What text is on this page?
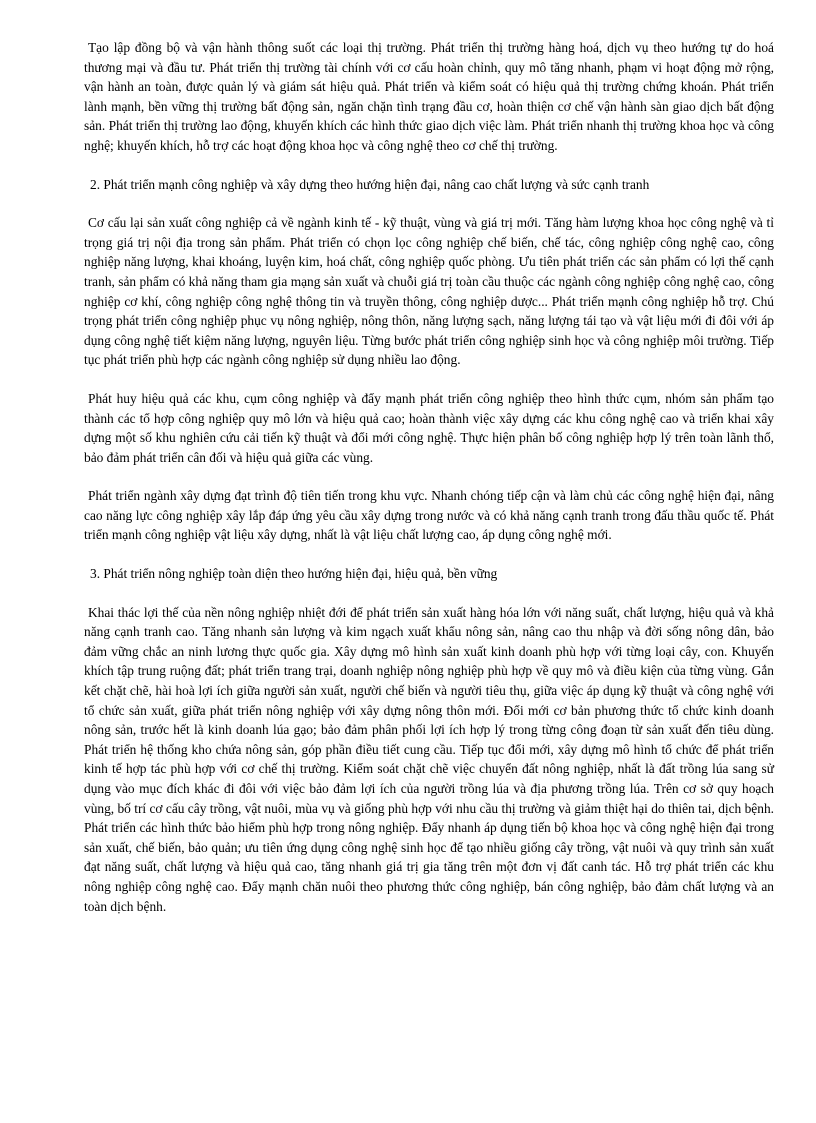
Tạo lập đồng bộ và vận hành thông suốt các loại thị trường. Phát triển thị trường hàng hoá, dịch vụ theo hướng tự do hoá thương mại và đầu tư. Phát triển thị trường tài chính với cơ cấu hoàn chỉnh, quy mô tăng nhanh, phạm vi hoạt động mở rộng, vận hành an toàn, được quản lý và giám sát hiệu quả. Phát triển và kiểm soát có hiệu quả thị trường chứng khoán. Phát triển lành mạnh, bền vững thị trường bất động sản, ngăn chặn tình trạng đầu cơ, hoàn thiện cơ chế vận hành sàn giao dịch bất động sản. Phát triển thị trường lao động, khuyến khích các hình thức giao dịch việc làm. Phát triển nhanh thị trường khoa học và công nghệ; khuyến khích, hỗ trợ các hoạt động khoa học và công nghệ theo cơ chế thị trường.

2. Phát triển mạnh công nghiệp và xây dựng theo hướng hiện đại, nâng cao chất lượng và sức cạnh tranh

Cơ cấu lại sản xuất công nghiệp cả về ngành kinh tế - kỹ thuật, vùng và giá trị mới. Tăng hàm lượng khoa học công nghệ và tỉ trọng giá trị nội địa trong sản phẩm. Phát triển có chọn lọc công nghiệp chế biến, chế tác, công nghiệp công nghệ cao, công nghiệp năng lượng, khai khoáng, luyện kim, hoá chất, công nghiệp quốc phòng. Ưu tiên phát triển các sản phẩm có lợi thế cạnh tranh, sản phẩm có khả năng tham gia mạng sản xuất và chuỗi giá trị toàn cầu thuộc các ngành công nghiệp công nghệ cao, công nghiệp cơ khí, công nghiệp công nghệ thông tin và truyền thông, công nghiệp dược... Phát triển mạnh công nghiệp hỗ trợ. Chú trọng phát triển công nghiệp phục vụ nông nghiệp, nông thôn, năng lượng sạch, năng lượng tái tạo và vật liệu mới đi đôi với áp dụng công nghệ tiết kiệm năng lượng, nguyên liệu. Từng bước phát triển công nghiệp sinh học và công nghiệp môi trường. Tiếp tục phát triển phù hợp các ngành công nghiệp sử dụng nhiều lao động.

Phát huy hiệu quả các khu, cụm công nghiệp và đẩy mạnh phát triển công nghiệp theo hình thức cụm, nhóm sản phẩm tạo thành các tổ hợp công nghiệp quy mô lớn và hiệu quả cao; hoàn thành việc xây dựng các khu công nghệ cao và triển khai xây dựng một số khu nghiên cứu cải tiến kỹ thuật và đổi mới công nghệ. Thực hiện phân bố công nghiệp hợp lý trên toàn lãnh thổ, bảo đảm phát triển cân đối và hiệu quả giữa các vùng.

Phát triển ngành xây dựng đạt trình độ tiên tiến trong khu vực. Nhanh chóng tiếp cận và làm chủ các công nghệ hiện đại, nâng cao năng lực công nghiệp xây lắp đáp ứng yêu cầu xây dựng trong nước và có khả năng cạnh tranh trong đấu thầu quốc tế. Phát triển mạnh công nghiệp vật liệu xây dựng, nhất là vật liệu chất lượng cao, áp dụng công nghệ mới.

3. Phát triển nông nghiệp toàn diện theo hướng hiện đại, hiệu quả, bền vững

Khai thác lợi thế của nền nông nghiệp nhiệt đới để phát triển sản xuất hàng hóa lớn với năng suất, chất lượng, hiệu quả và khả năng cạnh tranh cao. Tăng nhanh sản lượng và kim ngạch xuất khẩu nông sản, nâng cao thu nhập và đời sống nông dân, bảo đảm vững chắc an ninh lương thực quốc gia. Xây dựng mô hình sản xuất kinh doanh phù hợp với từng loại cây, con. Khuyến khích tập trung ruộng đất; phát triển trang trại, doanh nghiệp nông nghiệp phù hợp về quy mô và điều kiện của từng vùng. Gắn kết chặt chẽ, hài hoà lợi ích giữa người sản xuất, người chế biến và người tiêu thụ, giữa việc áp dụng kỹ thuật và công nghệ với tổ chức sản xuất, giữa phát triển nông nghiệp với xây dựng nông thôn mới. Đổi mới cơ bản phương thức tổ chức kinh doanh nông sản, trước hết là kinh doanh lúa gạo; bảo đảm phân phối lợi ích hợp lý trong từng công đoạn từ sản xuất đến tiêu dùng. Phát triển hệ thống kho chứa nông sản, góp phần điều tiết cung cầu. Tiếp tục đổi mới, xây dựng mô hình tổ chức để phát triển kinh tế hợp tác phù hợp với cơ chế thị trường. Kiểm soát chặt chẽ việc chuyển đất nông nghiệp, nhất là đất trồng lúa sang sử dụng vào mục đích khác đi đôi với việc bảo đảm lợi ích của người trồng lúa và địa phương trồng lúa. Trên cơ sở quy hoạch vùng, bố trí cơ cấu cây trồng, vật nuôi, mùa vụ và giống phù hợp với nhu cầu thị trường và giảm thiệt hại do thiên tai, dịch bệnh. Phát triển các hình thức bảo hiểm phù hợp trong nông nghiệp. Đẩy nhanh áp dụng tiến bộ khoa học và công nghệ hiện đại trong sản xuất, chế biến, bảo quản; ưu tiên ứng dụng công nghệ sinh học để tạo nhiều giống cây trồng, vật nuôi và quy trình sản xuất đạt năng suất, chất lượng và hiệu quả cao, tăng nhanh giá trị gia tăng trên một đơn vị đất canh tác. Hỗ trợ phát triển các khu nông nghiệp công nghệ cao. Đẩy mạnh chăn nuôi theo phương thức công nghiệp, bán công nghiệp, bảo đảm chất lượng và an toàn dịch bệnh.
